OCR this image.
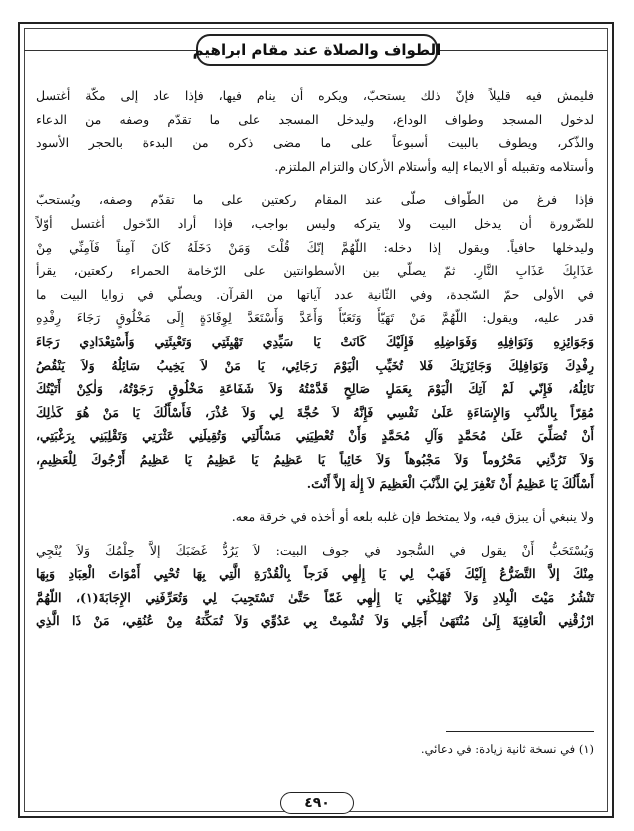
الطواف والصلاة عند مقام ابراهيم

فليمش فيه قليلاً فإنّ ذلك يستحبّ، ويكره أن ينام فيها، فإذا عاد إلى مكّة أغتسل
لدخول المسجد وطواف الوداع، وليدخل المسجد على ما تقدّم وصفه من الدعاء
والذّكر، ويطوف بالبيت أسبوعاً على ما مضى ذكره من البدءة بالحجر الأسود
وأستلامه وتقبيله أو الايماء إليه وأستلام الأركان والتزام الملتزم.

فإذا فرغ من الطّواف صلّى عند المقام ركعتين على ما تقدّم وصفه، ويُستحبّ
للضّرورة أن يدخل البيت ولا يتركه وليس بواجب، فإذا أراد الدّخول أغتسل أوّلاً
وليدخلها حافياً. ويقول إذا دخله: اللّهُمَّ إنّكَ قُلْتَ وَمَنْ دَخَلَهُ كَانَ آمِناً فَآمِنِّي مِنْ
عَذَابِكَ عَذَابِ النَّارِ. ثمّ يصلّي بين الأسطوانتين على الرّخامة الحمراء ركعتين، يقرأ
في الأولى حمّ السّجدة، وفي الثّانية عدد آياتها من القرآن. ويصلّي في زوايا البيت ما
قدر عليه، ويقول: اللّهُمَّ مَنْ تَهَيّأَ وَتَعَبّأَ وَأَعَدَّ وَأَسْتَعَدَّ لِوِفَادَةٍ إِلَى مَخْلُوقٍ رَجَاءَ رِفْدِهِ
وَجَوَائِزِهِ وَنَوَافِلِهِ وَفَوَاضِلِهِ فَإِلَيْكَ كَانَتْ يَا سَيِّدِي تَهْيِئَتِي وَتَعْبِئَتِي وَأَسْتِعْدَادِي رَجَاءَ
رِفْدِكَ وَنَوَافِلِكَ وَجَائِزَتِكَ فَلا تُخَيِّبِ الْيَوْمَ رَجَائِي، يَا مَنْ لاَ يَخِيبُ سَائِلُهُ وَلاَ يَنْقُصُ
نَائِلُهُ، فَإِنّي لَمْ آتِكَ الْيَوْمَ بِعَمَلٍ صَالِحٍ قَدَّمْتُهُ وَلاَ شَفَاعَةِ مَخْلُوقٍ رَجَوْتُهُ، وَلٰكِنْ أَتَيْتُكَ
مُقِرّاً بِالذَّنْبِ وَالإِسَاءَةِ عَلَىٰ نَفْسِي فَإِنَّهُ لاَ حُجَّةَ لِي وَلاَ عُذْرَ، فَأَسْأَلُكَ يَا مَنْ هُوَ كَذٰلِكَ
أَنْ تُصَلِّيَ عَلَىٰ مُحَمَّدٍ وَآلِ مُحَمَّدٍ وَأَنْ تُعْطِيَنِي مَسْأَلَتِي وَتُقِيلَنِي عَثْرَتِي وَتَقْلِبَنِي بِرَغْبَتِي،
وَلاَ تَرُدَّنِي مَحْرُوماً وَلاَ مَجْبُوهاً وَلاَ خَائِباً يَا عَظِيمُ يَا عَظِيمُ يَا عَظِيمُ أَرْجُوكَ لِلْعَظِيمِ،
أَسْأَلُكَ يَا عَظِيمُ أَنْ تَغْفِرَ لِيَ الذَّنْبَ الْعَظِيمَ لاَ إِلٰهَ إلاَّ أَنْتَ.

ولا ينبغي أن يبزق فيه، ولا يمتخط فإن غلبه بلعه أو أخذه في خرقة معه.

وَيُسْتَحَبُّ أَنْ يقول في السُّجود في جوف البيت: لاَ يَرُدُّ غَضَبَكَ إلاَّ حِلْمُكَ وَلاَ يُنْجِي
مِنْكَ إلاَّ التَّضَرُّعُ إِلَيْكَ فَهَبْ لِي يَا إِلٰهِي فَرَجاً بِالْقُدْرَةِ الَّتِي بِهَا تُحْيِي أَمْوَاتَ الْعِبَادِ وَبِهَا
تَنْشُرُ مَيْتَ الْبِلادِ وَلاَ تُهْلِكْنِي يَا إِلٰهِي غَمّاً حَتَّىٰ تَسْتَجِيبَ لِي وَتُعَرِّفَنِي الإِجَابَةَ(١)، اللّهُمَّ
ارْزُقْنِي الْعَافِيَةَ إِلَىٰ مُنْتَهَىٰ أَجَلِي وَلاَ تُشْمِتْ بِي عَدُوِّي وَلاَ تُمَكِّنَهُ مِنْ عُنُقِي، مَنْ ذَا الَّذِي

(١) في نسخة ثانية زيادة: في دعائي.
٤٩٠
